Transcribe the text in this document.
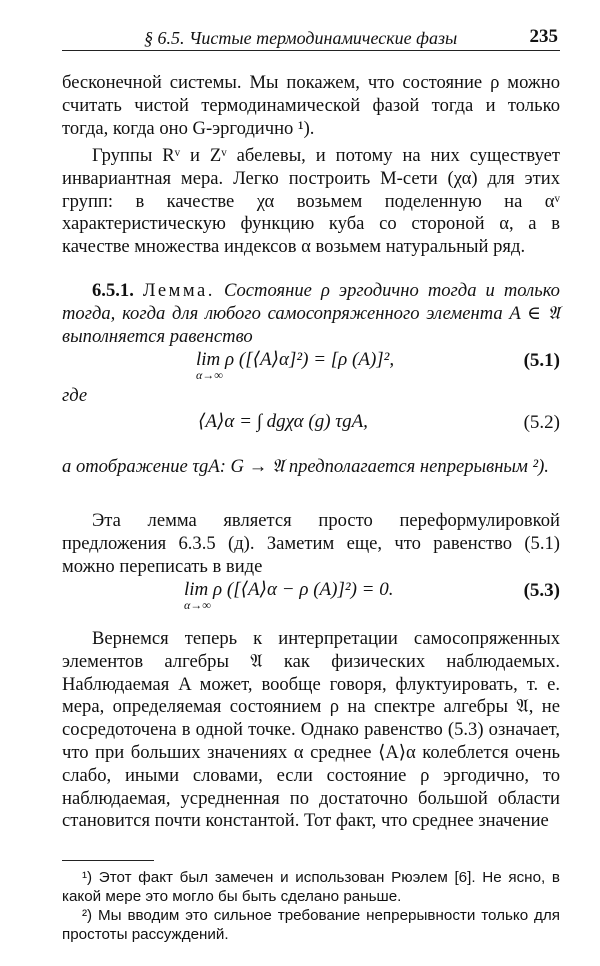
§ 6.5. Чистые термодинамические фазы	235

бесконечной системы. Мы покажем, что состояние ρ можно считать чистой термодинамической фазой тогда и только тогда, когда оно G-эргодично ¹).

Группы Rᵛ и Zᵛ абелевы, и потому на них существует инвариантная мера. Легко построить M-сети (χα) для этих групп: в качестве χα возьмем поделенную на αᵛ характеристическую функцию куба со стороной α, а в качестве множества индексов α возьмем натуральный ряд.

6.5.1. Лемма. Состояние ρ эргодично тогда и только тогда, когда для любого самосопряженного элемента A ∈ 𝔄 выполняется равенство

lim ρ ([⟨A⟩α]²) = [ρ (A)]²,
α→∞
(5.1)
где
⟨A⟩α = ∫ dgχα (g) τgA,	(5.2)

а отображение τgA: G → 𝔄 предполагается непрерывным ²).

Эта лемма является просто переформулировкой предложения 6.3.5 (д). Заметим еще, что равенство (5.1) можно переписать в виде

lim ρ ([⟨A⟩α − ρ (A)]²) = 0.
α→∞
(5.3)

Вернемся теперь к интерпретации самосопряженных элементов алгебры 𝔄 как физических наблюдаемых. Наблюдаемая A может, вообще говоря, флуктуировать, т. е. мера, определяемая состоянием ρ на спектре алгебры 𝔄, не сосредоточена в одной точке. Однако равенство (5.3) означает, что при больших значениях α среднее ⟨A⟩α колеблется очень слабо, иными словами, если состояние ρ эргодично, то наблюдаемая, усредненная по достаточно большой области становится почти константой. Тот факт, что среднее значение

¹) Этот факт был замечен и использован Рюэлем [6]. Не ясно, в какой мере это могло бы быть сделано раньше.

²) Мы вводим это сильное требование непрерывности только для простоты рассуждений.
